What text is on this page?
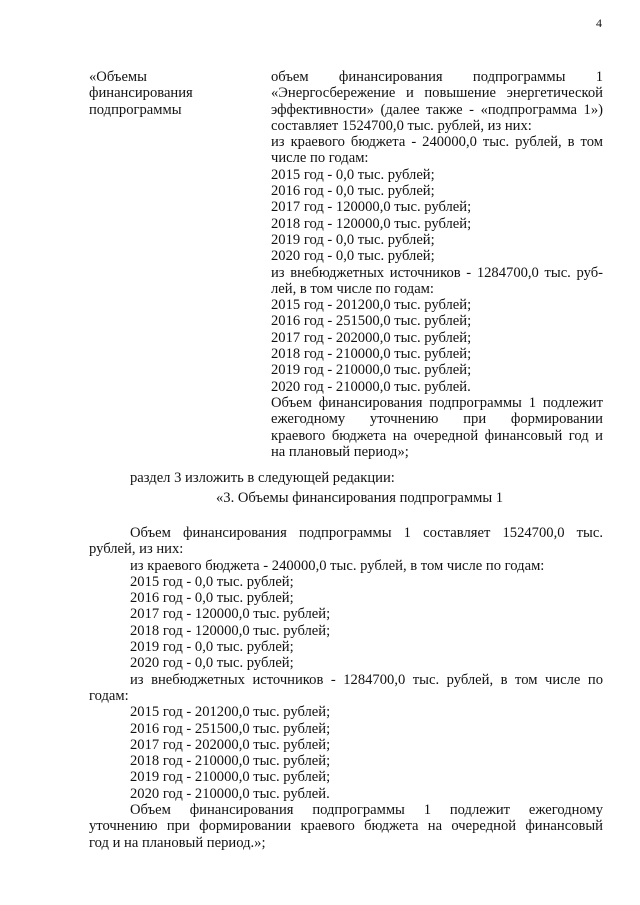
4
«Объемы
финансирования
подпрограммы
объем финансирования подпрограммы 1
«Энергосбережение и повышение энергетической
эффективности» (далее также - «подпрограмма 1»)
составляет 1524700,0 тыс. рублей, из них:
из краевого бюджета - 240000,0 тыс. рублей, в том
числе по годам:
2015 год - 0,0 тыс. рублей;
2016 год - 0,0 тыс. рублей;
2017 год - 120000,0 тыс. рублей;
2018 год - 120000,0 тыс. рублей;
2019 год - 0,0 тыс. рублей;
2020 год - 0,0 тыс. рублей;
из внебюджетных источников - 1284700,0 тыс. руб-
лей, в том числе по годам:
2015 год - 201200,0 тыс. рублей;
2016 год - 251500,0 тыс. рублей;
2017 год - 202000,0 тыс. рублей;
2018 год - 210000,0 тыс. рублей;
2019 год - 210000,0 тыс. рублей;
2020 год - 210000,0 тыс. рублей.
Объем финансирования подпрограммы 1 подлежит
ежегодному уточнению при формировании
краевого бюджета на очередной финансовый год и
на плановый период»;
раздел 3 изложить в следующей редакции:
«3. Объемы финансирования подпрограммы 1
Объем финансирования подпрограммы 1 составляет 1524700,0 тыс.
рублей, из них:
из краевого бюджета - 240000,0 тыс. рублей, в том числе по годам:
2015 год - 0,0 тыс. рублей;
2016 год - 0,0 тыс. рублей;
2017 год - 120000,0 тыс. рублей;
2018 год - 120000,0 тыс. рублей;
2019 год - 0,0 тыс. рублей;
2020 год - 0,0 тыс. рублей;
из внебюджетных источников - 1284700,0 тыс. рублей, в том числе по
годам:
2015 год - 201200,0 тыс. рублей;
2016 год - 251500,0 тыс. рублей;
2017 год - 202000,0 тыс. рублей;
2018 год - 210000,0 тыс. рублей;
2019 год - 210000,0 тыс. рублей;
2020 год - 210000,0 тыс. рублей.
Объем финансирования подпрограммы 1 подлежит ежегодному
уточнению при формировании краевого бюджета на очередной финансовый
год и на плановый период.»;
